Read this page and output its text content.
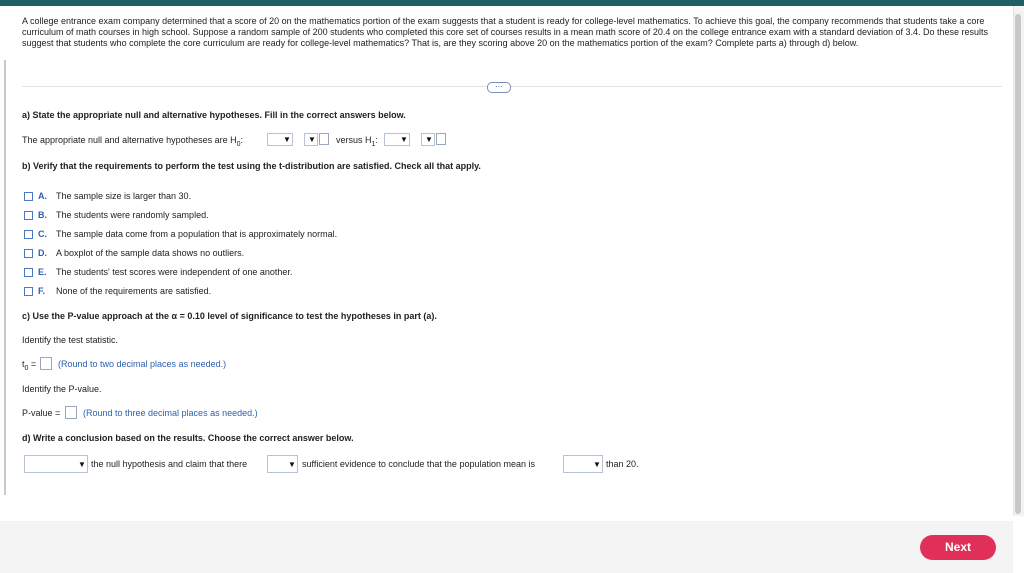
A college entrance exam company determined that a score of 20 on the mathematics portion of the exam suggests that a student is ready for college-level mathematics. To achieve this goal, the company recommends that students take a core curriculum of math courses in high school. Suppose a random sample of 200 students who completed this core set of courses results in a mean math score of 20.4 on the college entrance exam with a standard deviation of 3.4. Do these results suggest that students who complete the core curriculum are ready for college-level mathematics? That is, are they scoring above 20 on the mathematics portion of the exam? Complete parts a) through d) below.
⋯
a) State the appropriate null and alternative hypotheses. Fill in the correct answers below.
The appropriate null and alternative hypotheses are $H_0$:	▼ ▼ versus $H_1$:	▼ ▼
b) Verify that the requirements to perform the test using the t-distribution are satisfied. Check all that apply.
A. The sample size is larger than 30.
B. The students were randomly sampled.
C. The sample data come from a population that is approximately normal.
D. A boxplot of the sample data shows no outliers.
E. The students' test scores were independent of one another.
F. None of the requirements are satisfied.
c) Use the P-value approach at the α = 0.10 level of significance to test the hypotheses in part (a).
Identify the test statistic.
$t_0$ = (Round to two decimal places as needed.)
Identify the P-value.
P-value =	(Round to three decimal places as needed.)
d) Write a conclusion based on the results. Choose the correct answer below.
▼ the null hypothesis and claim that there	▼ sufficient evidence to conclude that the population mean is	▼ than 20.
Next
